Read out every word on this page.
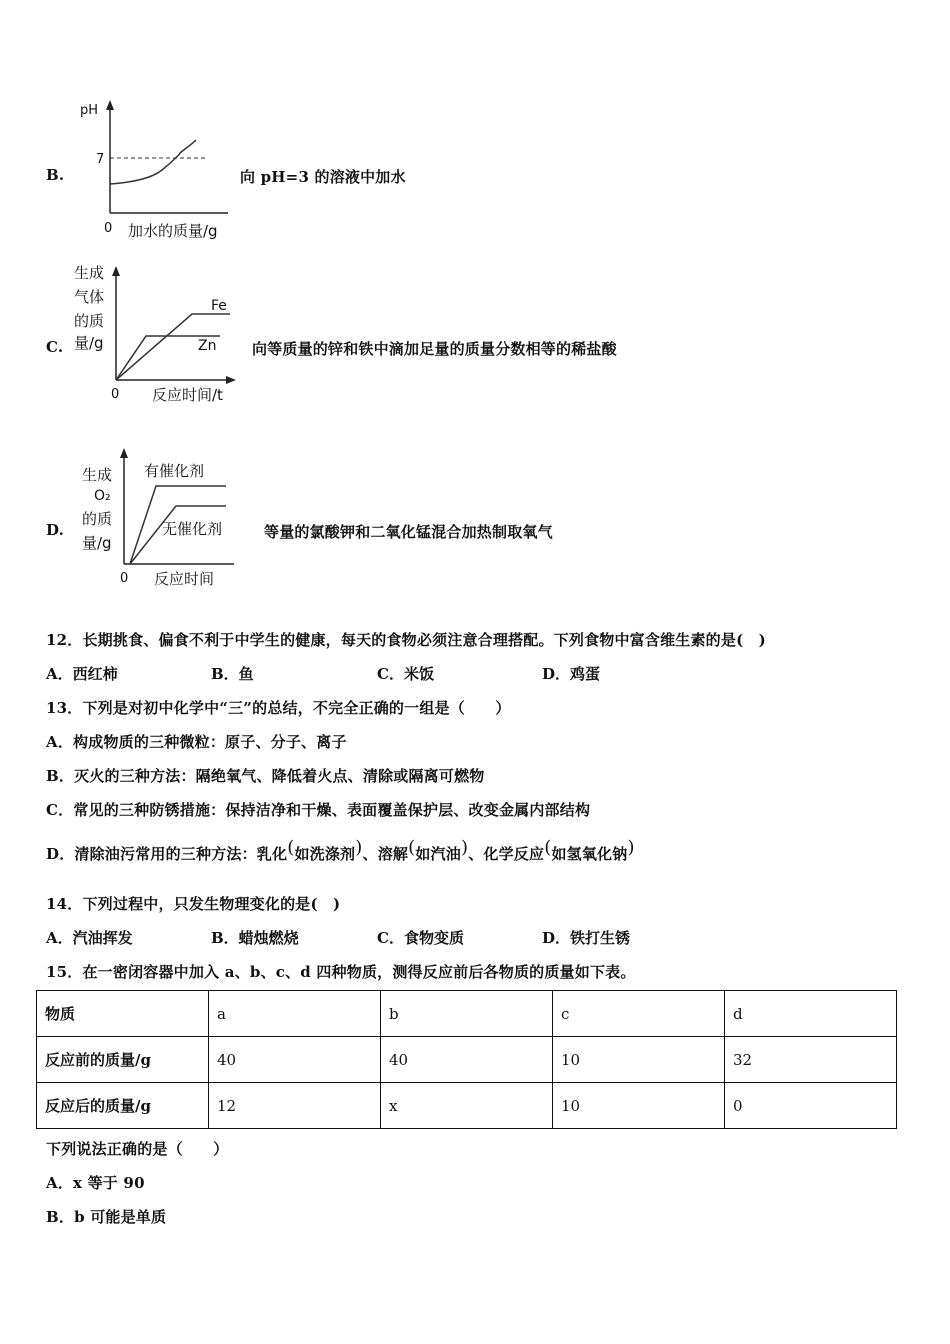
B.
pH
7
0 加水的质量/g
向 pH=3 的溶液中加水
C.
生成
气体
的质
量/g
Fe
Zn
0 反应时间/t
向等质量的锌和铁中滴加足量的质量分数相等的稀盐酸
D.
生成
O₂
的质
量/g
有催化剂
无催化剂
0 反应时间
等量的氯酸钾和二氧化锰混合加热制取氧气
12．长期挑食、偏食不利于中学生的健康，每天的食物必须注意合理搭配。下列食物中富含维生素的是(　)
A．西红柿	B．鱼	C．米饭	D．鸡蛋
13．下列是对初中化学中“三”的总结，不完全正确的一组是（　　）
A．构成物质的三种微粒：原子、分子、离子
B．灭火的三种方法：隔绝氧气、降低着火点、清除或隔离可燃物
C．常见的三种防锈措施：保持洁净和干燥、表面覆盖保护层、改变金属内部结构
D．清除油污常用的三种方法：乳化(如洗涤剂)、溶解(如汽油)、化学反应(如氢氧化钠)
14．下列过程中，只发生物理变化的是(　)
A．汽油挥发	B．蜡烛燃烧	C．食物变质	D．铁打生锈
15．在一密闭容器中加入 a、b、c、d 四种物质，测得反应前后各物质的质量如下表。
物质	a	b	c	d
反应前的质量/g	40	40	10	32
反应后的质量/g	12	x	10	0
下列说法正确的是（　　）
A．x 等于 90
B．b 可能是单质
